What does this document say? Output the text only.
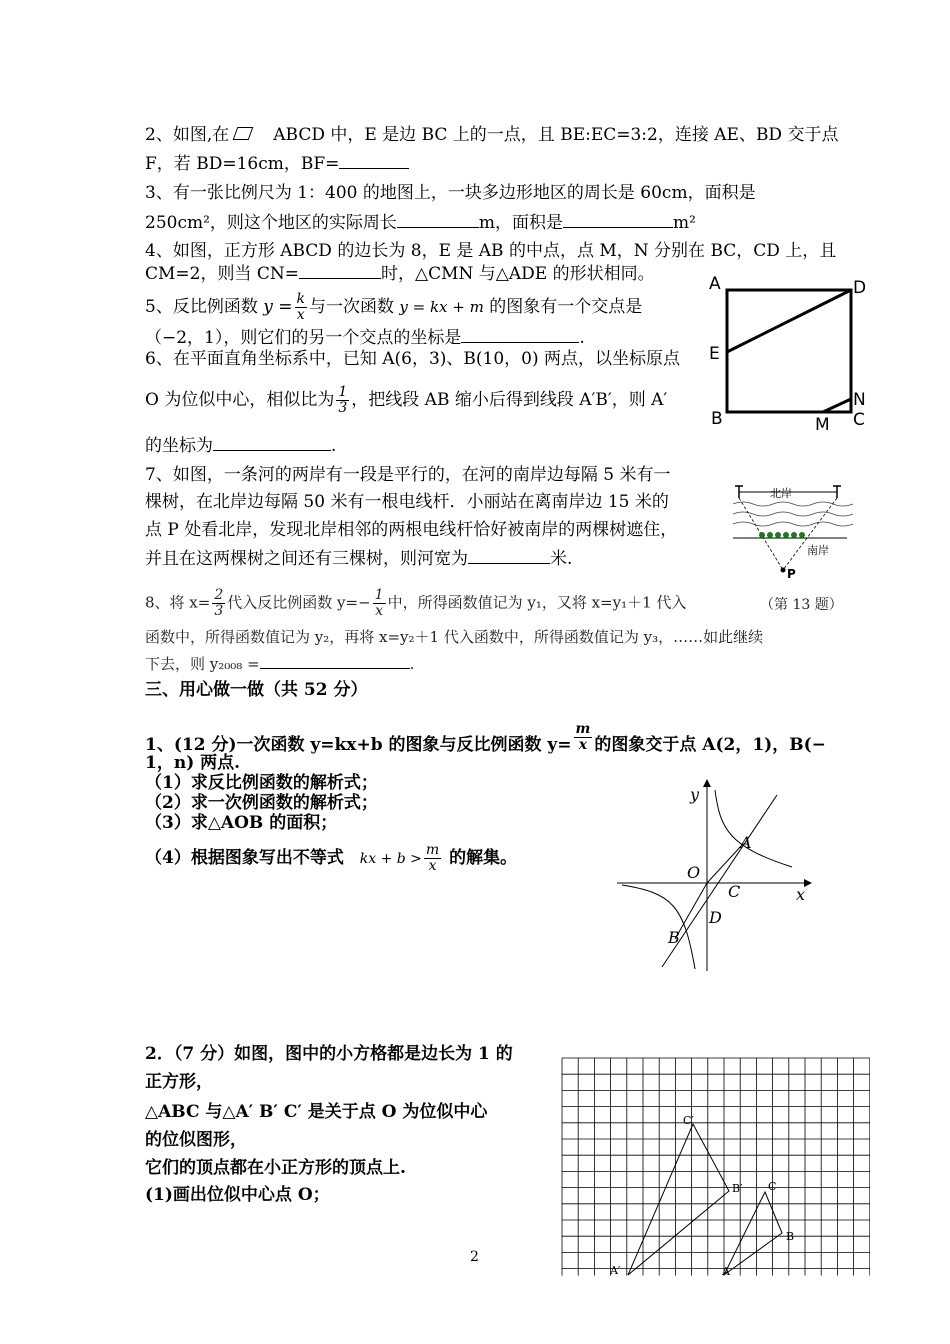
2、如图,在	ABCD 中，E 是边 BC 上的一点，且 BE:EC=3:2，连接 AE、BD 交于点
F，若 BD=16cm，BF=
3、有一张比例尺为 1：400 的地图上，一块多边形地区的周长是 60cm，面积是
250cm²，则这个地区的实际周长	m，面积是	m²
4、如图，正方形 ABCD 的边长为 8，E 是 AB 的中点，点 M，N 分别在 BC，CD 上，且
CM=2，则当 CN=	时，△CMN 与△ADE 的形状相同。
5、反比例函数 $y = \frac{k}{x}$ 与一次函数 y = kx + m 的图象有一个交点是
（−2，1），则它们的另一个交点的坐标是	.
6、在平面直角坐标系中，已知 A(6，3)、B(10，0) 两点，以坐标原点
O 为位似中心，相似比为 $\frac{1}{3}$ ，把线段 AB 缩小后得到线段 A′B′，则 A′
的坐标为	.
7、如图，一条河的两岸有一段是平行的，在河的南岸边每隔 5 米有一
棵树，在北岸边每隔 50 米有一根电线杆．小丽站在离南岸边 15 米的
点 P 处看北岸，发现北岸相邻的两根电线杆恰好被南岸的两棵树遮住，
并且在这两棵树之间还有三棵树，则河宽为	米.
8、将 $x= \frac{2}{3}$ 代入反比例函数 $y=- \frac{1}{x}$ 中，所得函数值记为 y₁，又将 x=y₁＋1 代入
函数中，所得函数值记为 y₂，再将 x=y₂＋1 代入函数中，所得函数值记为 y₃，……如此继续
下去，则 y₂₀₀₈ =	.
三、用心做一做（共 52 分）
1、(12 分)一次函数 y=kx+b 的图象与反比例函数 $y= \frac{m}{x}$ 的图象交于点 A(2，1)，B(−
1，n) 两点.
（1）求反比例函数的解析式；
（2）求一次例函数的解析式；
（3）求△AOB 的面积；
（4）根据图象写出不等式 kx + $b > \frac{m}{x}$ 的解集。
2．（7 分）如图，图中的小方格都是边长为 1 的
正方形，
△ABC 与△A′ B′ C′ 是关于点 O 为位似中心
的位似图形，
它们的顶点都在小正方形的顶点上.
(1)画出位似中心点 O；
A	D
E
B	C
N
M
北岸
南岸
P
（第 13 题）
y
x
O
A
C
D
B
A′
C′
B′
A
C
B
2
